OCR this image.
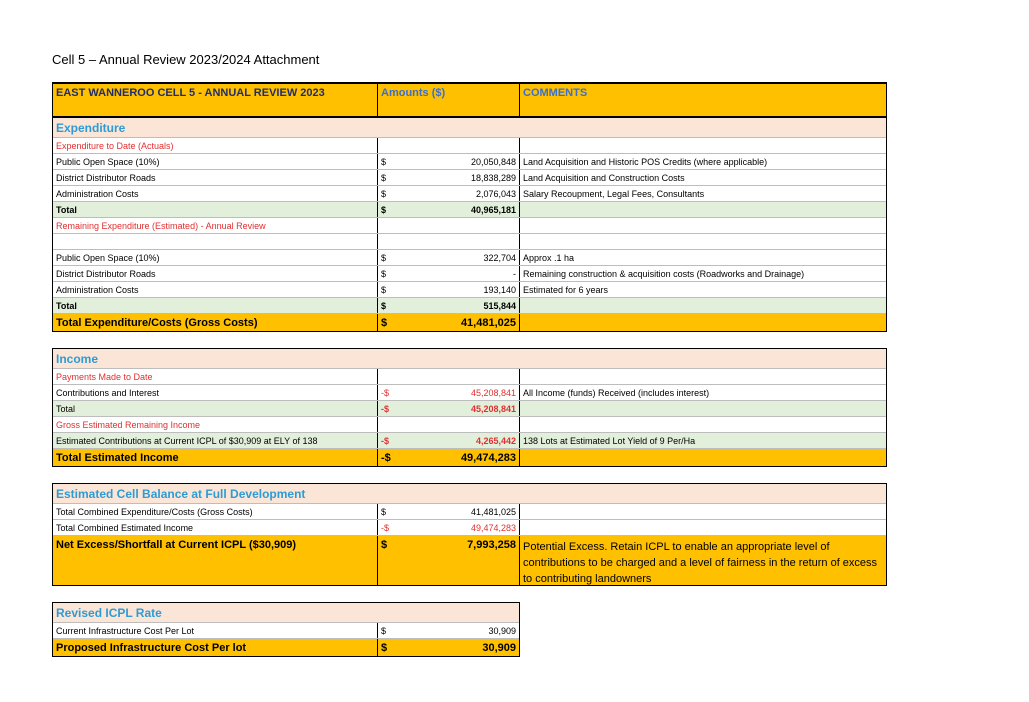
Cell 5 – Annual Review 2023/2024 Attachment
EAST WANNEROO CELL 5 - ANNUAL REVIEW 2023	Amounts ($)	COMMENTS
Expenditure
Expenditure to Date (Actuals)
Public Open Space (10%)	$	20,050,848 Land Acquisition and Historic POS Credits (where applicable)
District Distributor Roads	$	18,838,289 Land Acquisition and Construction Costs
Administration Costs	$	2,076,043 Salary Recoupment, Legal Fees, Consultants
Total	$	40,965,181
Remaining Expenditure (Estimated) - Annual Review
Public Open Space (10%)	$	322,704 Approx .1 ha
District Distributor Roads	$	- Remaining construction & acquisition costs (Roadworks and Drainage)
Administration Costs	$	193,140 Estimated for 6 years
Total	$	515,844
Total Expenditure/Costs (Gross Costs)	$	41,481,025
Income
Payments Made to Date
Contributions and Interest	-$	45,208,841 All Income (funds) Received (includes interest)
Total	-$	45,208,841
Gross Estimated Remaining Income
Estimated Contributions at Current ICPL of $30,909 at ELY of 138	-$	4,265,442 138 Lots at Estimated Lot Yield of 9 Per/Ha
Total Estimated Income	-$	49,474,283
Estimated Cell Balance at Full Development
Total Combined Expenditure/Costs (Gross Costs)	$	41,481,025
Total Combined Estimated Income	-$	49,474,283
Net Excess/Shortfall at Current ICPL ($30,909)	$	7,993,258 Potential Excess. Retain ICPL to enable an appropriate level of contributions to be charged and a level of fairness in the return of excess to contributing landowners
Revised ICPL Rate
Current Infrastructure Cost Per Lot	$	30,909
Proposed Infrastructure Cost Per lot	$	30,909
